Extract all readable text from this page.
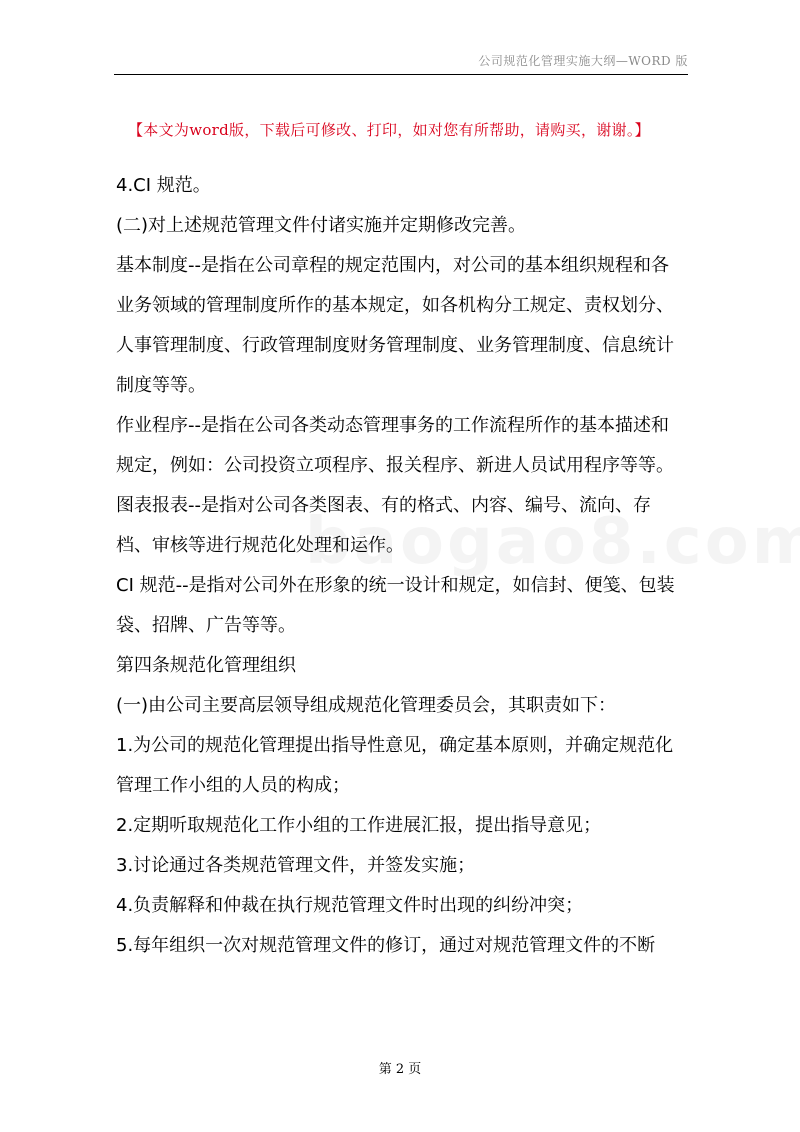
公司规范化管理实施大纲—WORD 版
【本文为word版，下载后可修改、打印，如对您有所帮助，请购买，谢谢。】

4.CI 规范。

(二)对上述规范管理文件付诸实施并定期修改完善。

基本制度--是指在公司章程的规定范围内，对公司的基本组织规程和各业务领域的管理制度所作的基本规定，如各机构分工规定、责权划分、人事管理制度、行政管理制度财务管理制度、业务管理制度、信息统计制度等等。

作业程序--是指在公司各类动态管理事务的工作流程所作的基本描述和规定，例如：公司投资立项程序、报关程序、新进人员试用程序等等。

图表报表--是指对公司各类图表、有的格式、内容、编号、流向、存档、审核等进行规范化处理和运作。

CI 规范--是指对公司外在形象的统一设计和规定，如信封、便笺、包装袋、招牌、广告等等。

第四条规范化管理组织

(一)由公司主要高层领导组成规范化管理委员会，其职责如下：

1.为公司的规范化管理提出指导性意见，确定基本原则，并确定规范化管理工作小组的人员的构成；

2.定期听取规范化工作小组的工作进展汇报，提出指导意见；

3.讨论通过各类规范管理文件，并签发实施；

4.负责解释和仲裁在执行规范管理文件时出现的纠纷冲突；

5.每年组织一次对规范管理文件的修订，通过对规范管理文件的不断

第 2 页
